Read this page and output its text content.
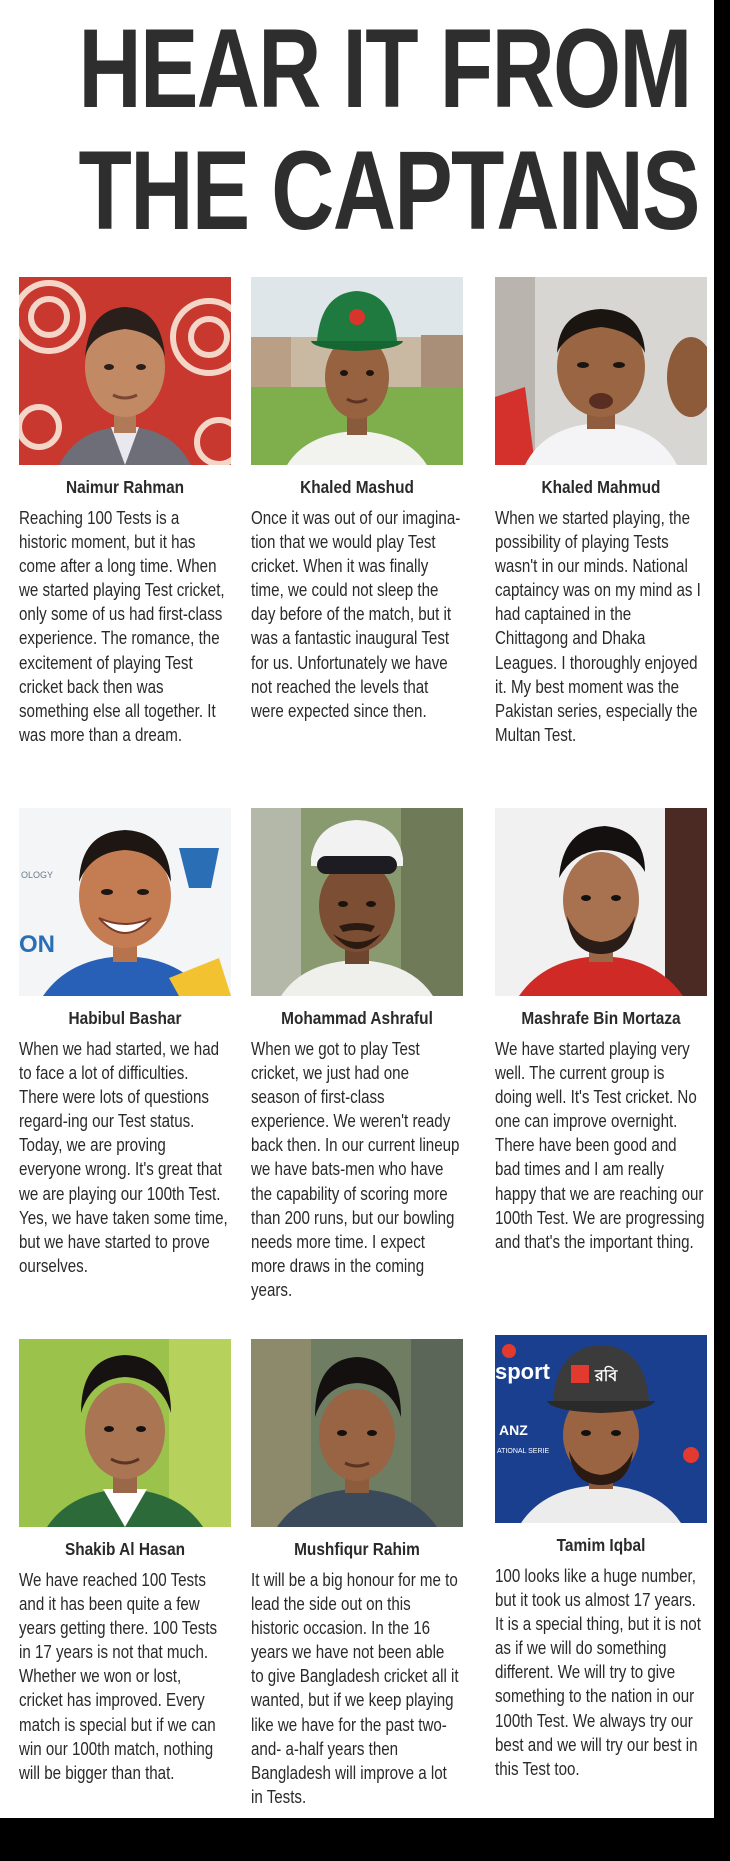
HEAR IT FROM
THE CAPTAINS
Naimur Rahman

Reaching 100 Tests is a historic moment, but it has come after a long time. When we started playing Test cricket, only some of us had first-class experience. The romance, the excitement of playing Test cricket back then was something else all together. It was more than a dream.

Khaled Mashud

Once it was out of our imagina-tion that we would play Test cricket. When it was finally time, we could not sleep the day before of the match, but it was a fantastic inaugural Test for us. Unfortunately we have not reached the levels that were expected since then.

Khaled Mahmud

When we started playing, the possibility of playing Tests wasn't in our minds. National captaincy was on my mind as I had captained in the Chittagong and Dhaka Leagues. I thoroughly enjoyed it. My best moment was the Pakistan series, especially the Multan Test.

OLOGY
ON
Habibul Bashar

When we had started, we had to face a lot of difficulties. There were lots of questions regard-ing our Test status. Today, we are proving everyone wrong. It's great that we are playing our 100th Test. Yes, we have taken some time, but we have started to prove ourselves.

Mohammad Ashraful

When we got to play Test cricket, we just had one season of first-class experience. We weren't ready back then. In our current lineup we have bats-men who have the capability of scoring more than 200 runs, but our bowling needs more time. I expect more draws in the coming years.

Mashrafe Bin Mortaza

We have started playing very well. The current group is doing well. It's Test cricket. No one can improve overnight. There have been good and bad times and I am really happy that we are reaching our 100th Test. We are progressing and that's the important thing.

Shakib Al Hasan

We have reached 100 Tests and it has been quite a few years getting there. 100 Tests in 17 years is not that much. Whether we won or lost, cricket has improved. Every match is special but if we can win our 100th match, nothing will be bigger than that.

Mushfiqur Rahim

It will be a big honour for me to lead the side out on this historic occasion. In the 16 years we have not been able to give Bangladesh cricket all it wanted, but if we keep playing like we have for the past two-and- a-half years then Bangladesh will improve a lot in Tests.

sport
ANZ
ATIONAL SERIE
রবি
Tamim Iqbal

100 looks like a huge number, but it took us almost 17 years. It is a special thing, but it is not as if we will do something different. We will try to give something to the nation in our 100th Test. We always try our best and we will try our best in this Test too.
